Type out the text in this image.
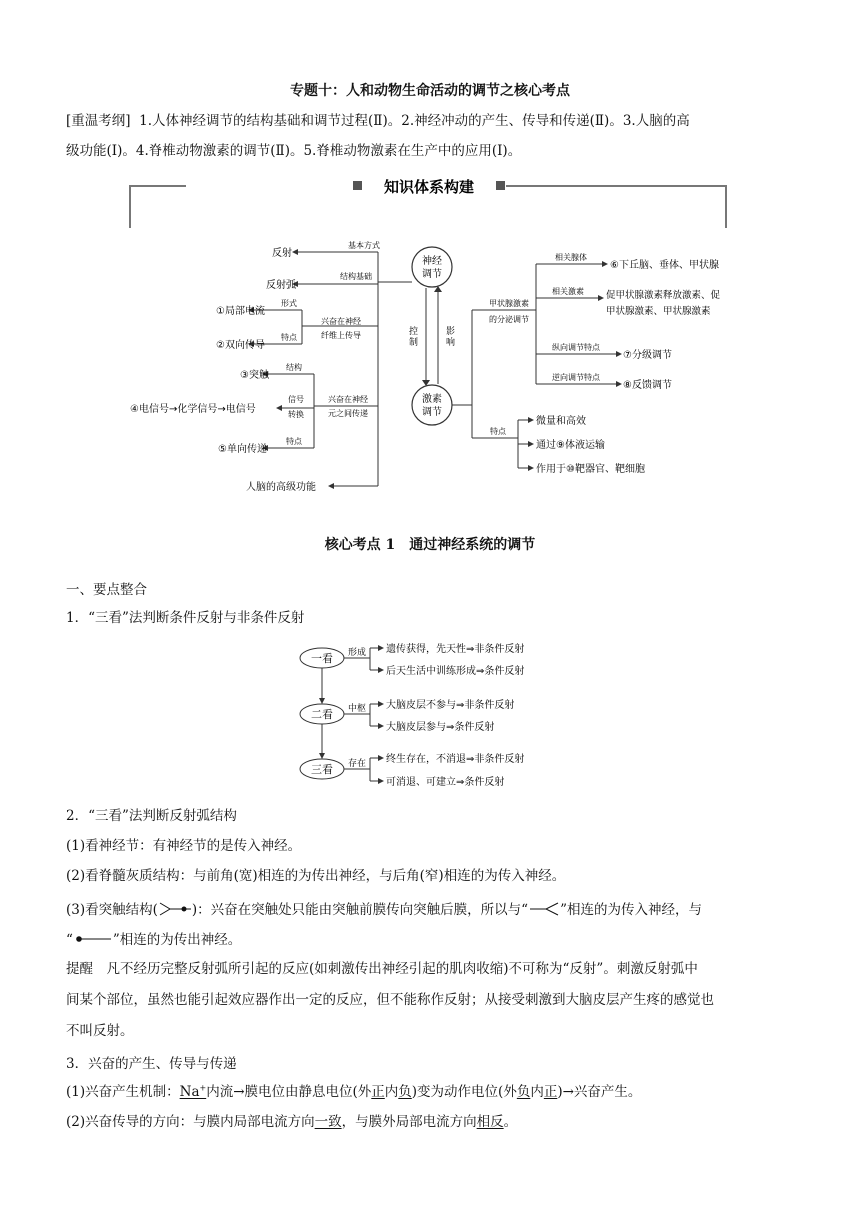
专题十：人和动物生命活动的调节之核心考点
[重温考纲] 1.人体神经调节的结构基础和调节过程(Ⅱ)。2.神经冲动的产生、传导和传递(Ⅱ)。3.人脑的高
级功能(Ⅰ)。4.脊椎动物激素的调节(Ⅱ)。5.脊椎动物激素在生产中的应用(Ⅰ)。
知识体系构建
神经
调节
激素
调节
控
制
影
响
基本方式
反射
结构基础
反射弧
兴奋在神经
纤维上传导
形式
①局部电流
特点
②双向传导
兴奋在神经
元之间传递
结构
③突触
信号
转换
④电信号→化学信号→电信号
特点
⑤单向传递
人脑的高级功能
甲状腺激素
的分泌调节
相关腺体
⑥下丘脑、垂体、甲状腺
相关激素 促甲状腺激素释放激素、促
甲状腺激素、甲状腺激素
纵向调节特点
⑦分级调节
逆向调节特点
⑧反馈调节
特点
微量和高效
通过⑨体液运输
作用于⑩靶器官、靶细胞
核心考点 1　通过神经系统的调节
一、要点整合
1．“三看”法判断条件反射与非条件反射
一看
二看
三看
形成 遗传获得，先天性⇒非条件反射
后天生活中训练形成⇒条件反射
中枢 大脑皮层不参与⇒非条件反射
大脑皮层参与⇒条件反射
存在 终生存在，不消退⇒非条件反射
可消退、可建立⇒条件反射
2．“三看”法判断反射弧结构
(1)看神经节：有神经节的是传入神经。
(2)看脊髓灰质结构：与前角(宽)相连的为传出神经，与后角(窄)相连的为传入神经。
(3)看突触结构(	)：兴奋在突触处只能由突触前膜传向突触后膜，所以与“ ”相连的为传入神经，与
“	”相连的为传出神经。
提醒　凡不经历完整反射弧所引起的反应(如刺激传出神经引起的肌肉收缩)不可称为“反射”。刺激反射弧中
间某个部位，虽然也能引起效应器作出一定的反应，但不能称作反射；从接受刺激到大脑皮层产生疼的感觉也
不叫反射。
3．兴奋的产生、传导与传递
(1)兴奋产生机制：Na+内流→膜电位由静息电位(外正内负)变为动作电位(外负内正)→兴奋产生。
(2)兴奋传导的方向：与膜内局部电流方向一致，与膜外局部电流方向相反。
